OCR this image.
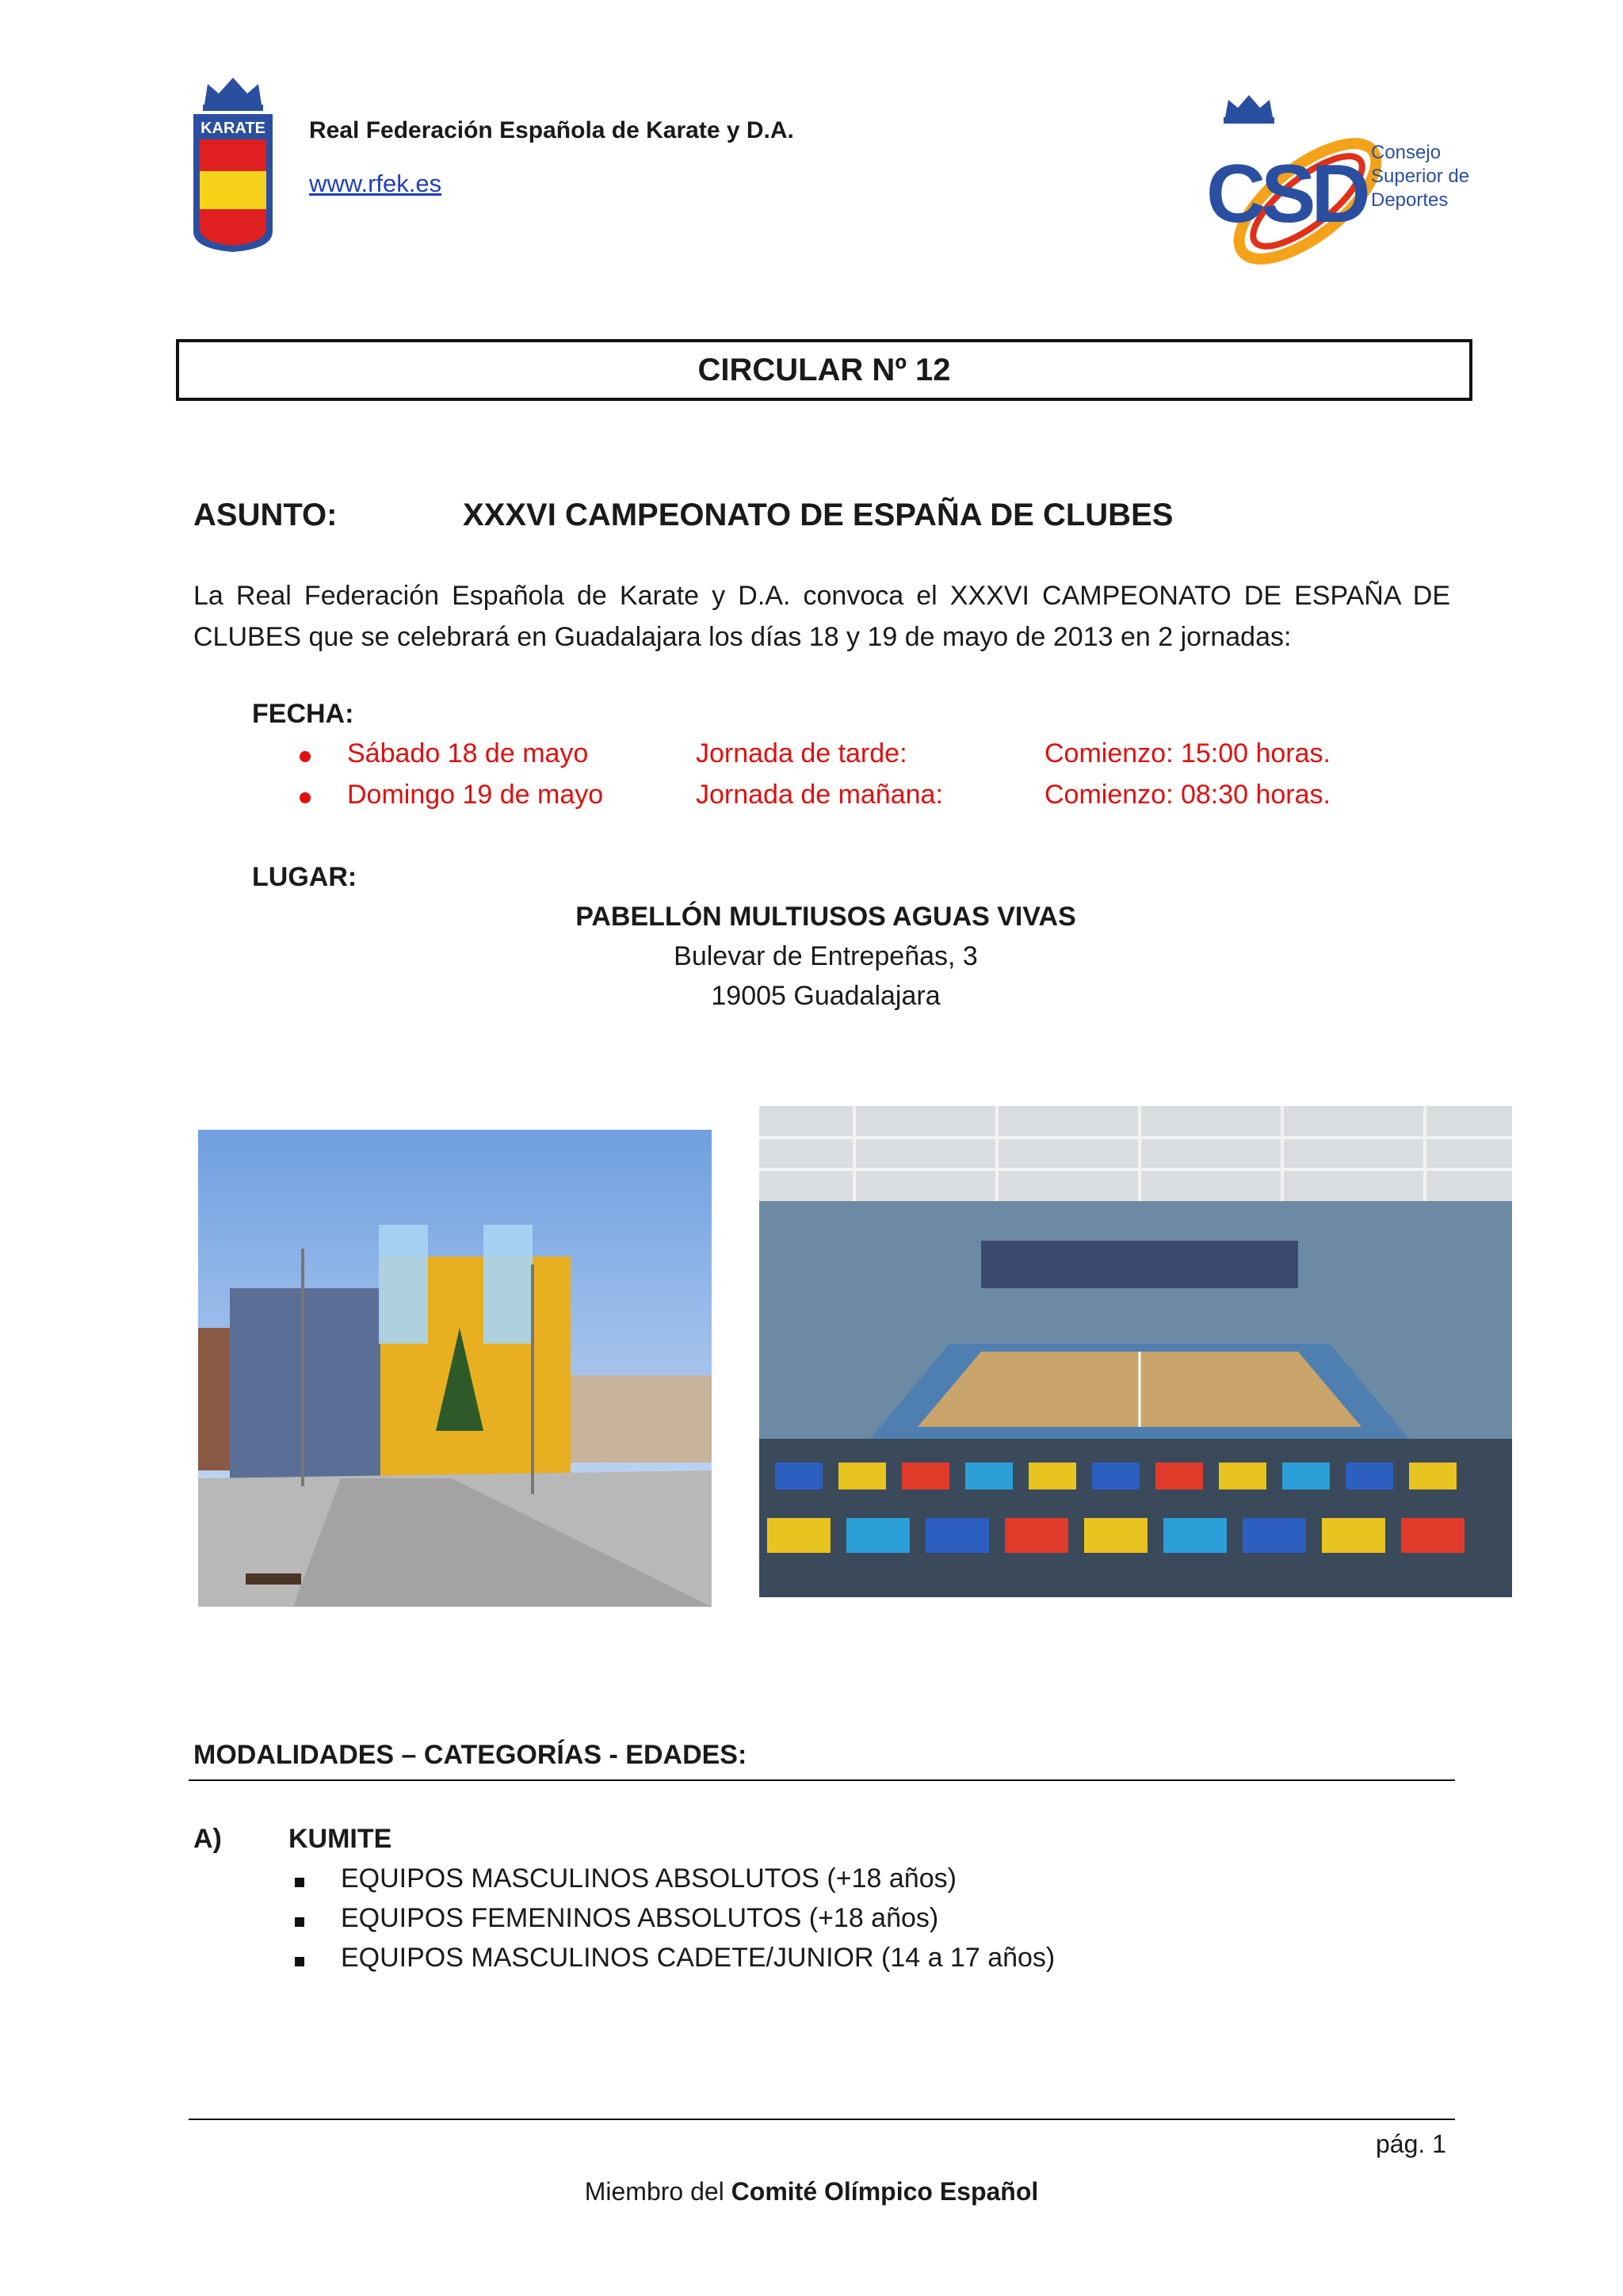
KARATE Real Federación Española de Karate y D.A.
www.rfek.es	CSD Consejo
Superior de
Deportes
CIRCULAR Nº 12
ASUNTO:	XXXVI CAMPEONATO DE ESPAÑA DE CLUBES
La Real Federación Española de Karate y D.A. convoca el XXXVI CAMPEONATO DE ESPAÑA DE CLUBES que se celebrará en Guadalajara los días 18 y 19 de mayo de 2013 en 2 jornadas:
FECHA:
Sábado 18 de mayo	Jornada de tarde:	Comienzo: 15:00 horas.
Domingo 19 de mayo	Jornada de mañana:	Comienzo: 08:30 horas.
LUGAR:
PABELLÓN MULTIUSOS AGUAS VIVAS
Bulevar de Entrepeñas, 3
19005 Guadalajara
MODALIDADES – CATEGORÍAS - EDADES:
A) KUMITE
EQUIPOS MASCULINOS ABSOLUTOS (+18 años)
EQUIPOS FEMENINOS ABSOLUTOS (+18 años)
EQUIPOS MASCULINOS CADETE/JUNIOR (14 a 17 años)
pág. 1
Miembro del Comité Olímpico Español
